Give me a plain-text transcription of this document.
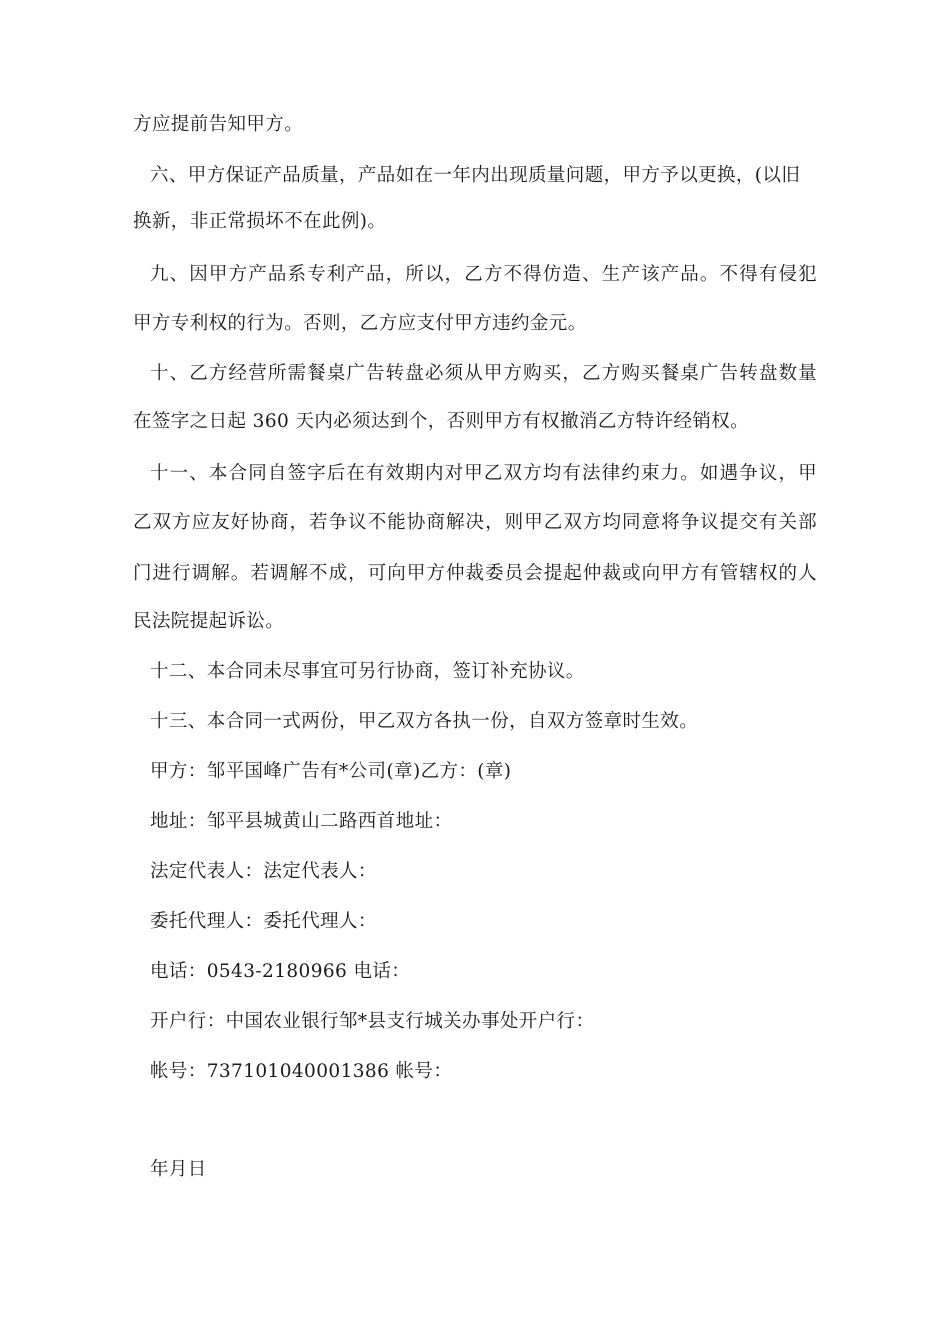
方应提前告知甲方。
六、甲方保证产品质量，产品如在一年内出现质量问题，甲方予以更换，(以旧
换新，非正常损坏不在此例)。
九、因甲方产品系专利产品，所以，乙方不得仿造、生产该产品。不得有侵犯
甲方专利权的行为。否则，乙方应支付甲方违约金元。
十、乙方经营所需餐桌广告转盘必须从甲方购买，乙方购买餐桌广告转盘数量
在签字之日起 360 天内必须达到个，否则甲方有权撤消乙方特许经销权。
十一、本合同自签字后在有效期内对甲乙双方均有法律约束力。如遇争议，甲
乙双方应友好协商，若争议不能协商解决，则甲乙双方均同意将争议提交有关部
门进行调解。若调解不成，可向甲方仲裁委员会提起仲裁或向甲方有管辖权的人
民法院提起诉讼。
十二、本合同未尽事宜可另行协商，签订补充协议。
十三、本合同一式两份，甲乙双方各执一份，自双方签章时生效。
甲方：邹平国峰广告有*公司(章)乙方：(章)
地址：邹平县城黄山二路西首地址：
法定代表人：法定代表人：
委托代理人：委托代理人：
电话：0543-2180966 电话：
开户行：中国农业银行邹*县支行城关办事处开户行：
帐号：737101040001386 帐号：
年月日
